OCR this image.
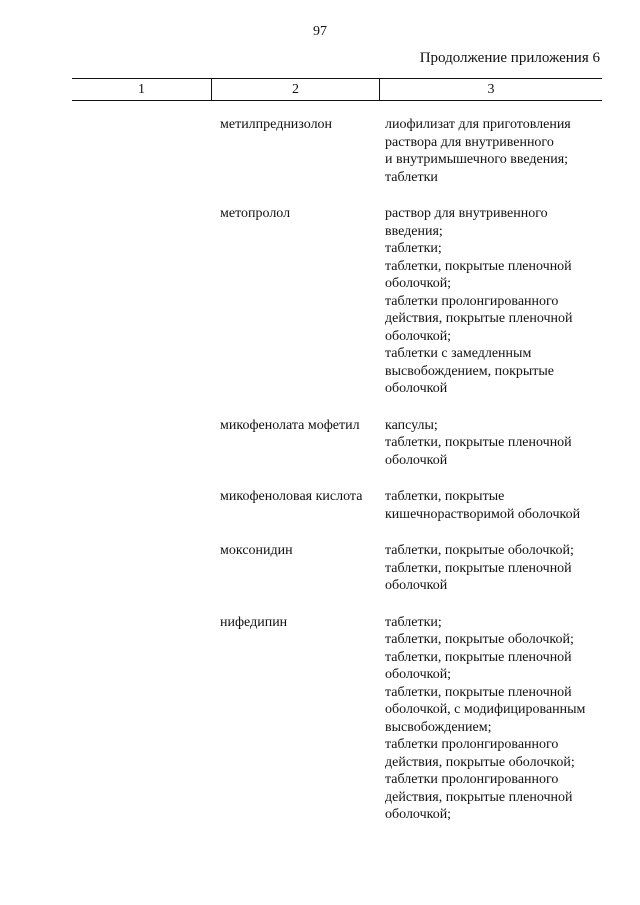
97
Продолжение приложения 6
1	2	3
метилпреднизолон	лиофилизат для приготовления
раствора для внутривенного
и внутримышечного введения;
таблетки
метопролол	раствор для внутривенного
введения;
таблетки;
таблетки, покрытые пленочной
оболочкой;
таблетки пролонгированного
действия, покрытые пленочной
оболочкой;
таблетки с замедленным
высвобождением, покрытые
оболочкой
микофенолата мофетил	капсулы;
таблетки, покрытые пленочной
оболочкой
микофеноловая кислота	таблетки, покрытые
кишечнорастворимой оболочкой
моксонидин	таблетки, покрытые оболочкой;
таблетки, покрытые пленочной
оболочкой
нифедипин	таблетки;
таблетки, покрытые оболочкой;
таблетки, покрытые пленочной
оболочкой;
таблетки, покрытые пленочной
оболочкой, с модифицированным
высвобождением;
таблетки пролонгированного
действия, покрытые оболочкой;
таблетки пролонгированного
действия, покрытые пленочной
оболочкой;
